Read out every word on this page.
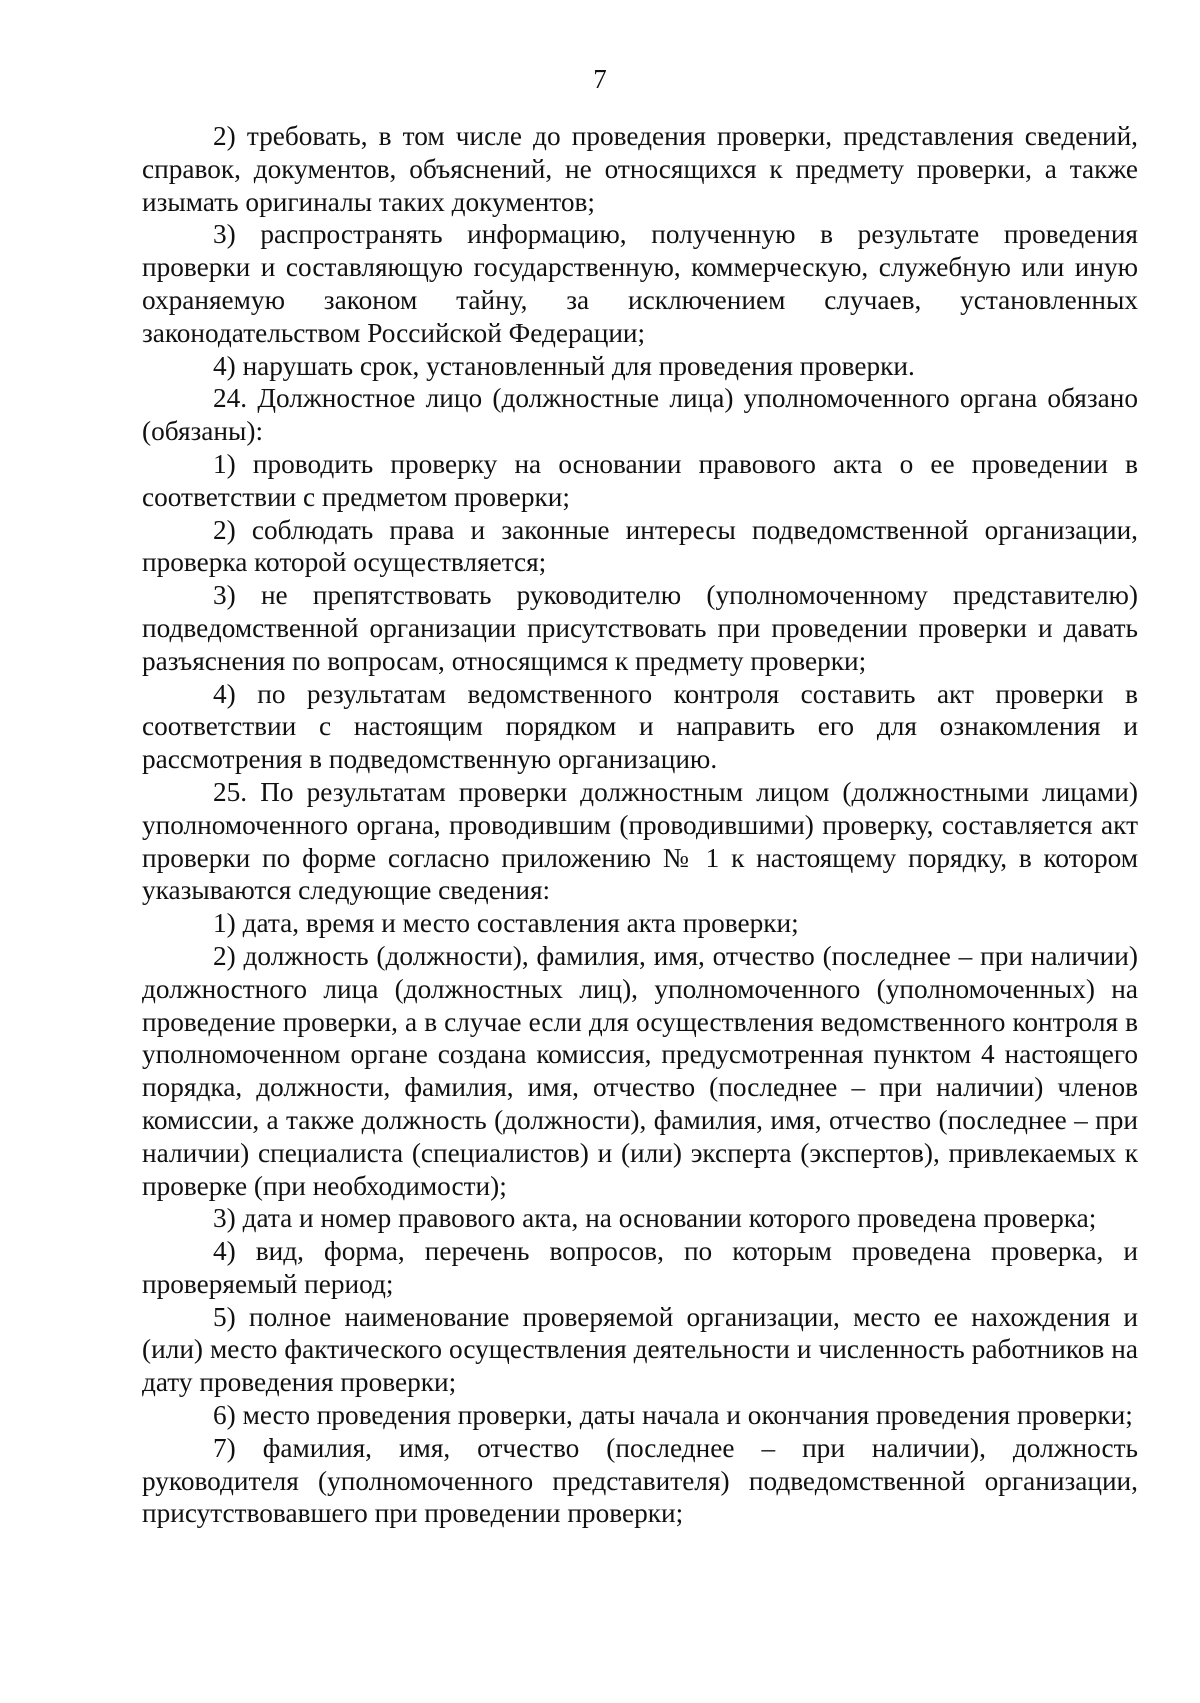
7

2) требовать, в том числе до проведения проверки, представления сведений, справок, документов, объяснений, не относящихся к предмету проверки, а также изымать оригиналы таких документов;

3) распространять информацию, полученную в результате проведения проверки и составляющую государственную, коммерческую, служебную или иную охраняемую законом тайну, за исключением случаев, установленных законодательством Российской Федерации;

4) нарушать срок, установленный для проведения проверки.

24. Должностное лицо (должностные лица) уполномоченного органа обязано (обязаны):

1) проводить проверку на основании правового акта о ее проведении в соответствии с предметом проверки;

2) соблюдать права и законные интересы подведомственной организации, проверка которой осуществляется;

3) не препятствовать руководителю (уполномоченному представителю) подведомственной организации присутствовать при проведении проверки и давать разъяснения по вопросам, относящимся к предмету проверки;

4) по результатам ведомственного контроля составить акт проверки в соответствии с настоящим порядком и направить его для ознакомления и рассмотрения в подведомственную организацию.

25. По результатам проверки должностным лицом (должностными лицами) уполномоченного органа, проводившим (проводившими) проверку, составляется акт проверки по форме согласно приложению № 1 к настоящему порядку, в котором указываются следующие сведения:

1) дата, время и место составления акта проверки;

2) должность (должности), фамилия, имя, отчество (последнее – при наличии) должностного лица (должностных лиц), уполномоченного (уполномоченных) на проведение проверки, а в случае если для осуществления ведомственного контроля в уполномоченном органе создана комиссия, предусмотренная пунктом 4 настоящего порядка, должности, фамилия, имя, отчество (последнее – при наличии) членов комиссии, а также должность (должности), фамилия, имя, отчество (последнее – при наличии) специалиста (специалистов) и (или) эксперта (экспертов), привлекаемых к проверке (при необходимости);

3) дата и номер правового акта, на основании которого проведена проверка;

4) вид, форма, перечень вопросов, по которым проведена проверка, и проверяемый период;

5) полное наименование проверяемой организации, место ее нахождения и (или) место фактического осуществления деятельности и численность работников на дату проведения проверки;

6) место проведения проверки, даты начала и окончания проведения проверки;

7) фамилия, имя, отчество (последнее – при наличии), должность руководителя (уполномоченного представителя) подведомственной организации, присутствовавшего при проведении проверки;
